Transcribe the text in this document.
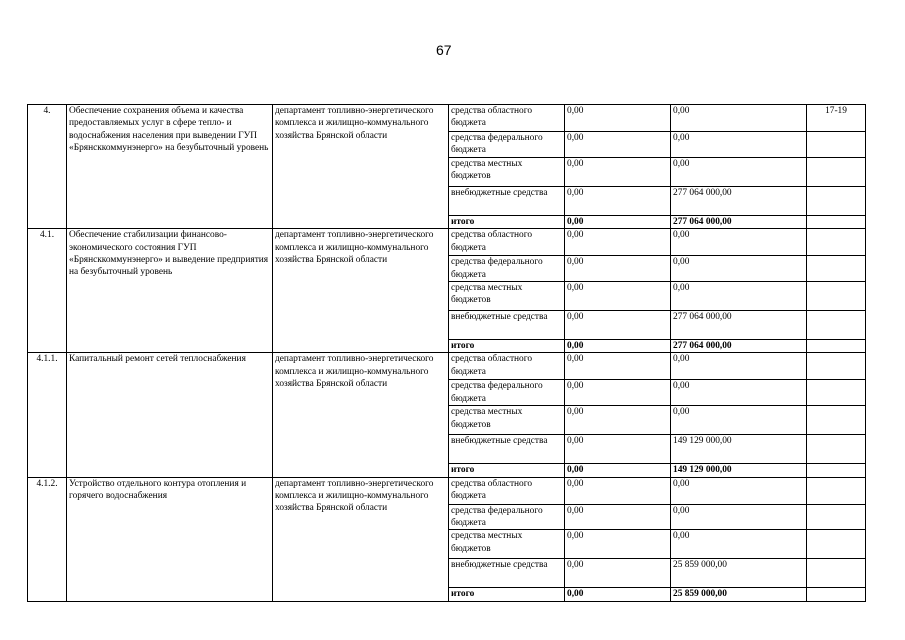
67
4.	Обеспечение сохранения объема и качества предоставляемых услуг в сфере тепло- и водоснабжения населения при выведении ГУП «Брянсккоммунэнерго» на безубыточный уровень	департамент топливно-энергетического комплекса и жилищно-коммунального хозяйства Брянской области	средства областного бюджета	0,00	0,00	17-19
			средства федерального бюджета	0,00	0,00	
			средства местных бюджетов	0,00	0,00	
			внебюджетные средства	0,00	277 064 000,00	
			итого	0,00	277 064 000,00	
4.1.	Обеспечение стабилизации финансово-экономического состояния ГУП «Брянсккоммунэнерго» и выведение предприятия на безубыточный уровень	департамент топливно-энергетического комплекса и жилищно-коммунального хозяйства Брянской области	средства областного бюджета	0,00	0,00	
			средства федерального бюджета	0,00	0,00	
			средства местных бюджетов	0,00	0,00	
			внебюджетные средства	0,00	277 064 000,00	
			итого	0,00	277 064 000,00	
4.1.1.	Капитальный ремонт сетей теплоснабжения	департамент топливно-энергетического комплекса и жилищно-коммунального хозяйства Брянской области	средства областного бюджета	0,00	0,00	
			средства федерального бюджета	0,00	0,00	
			средства местных бюджетов	0,00	0,00	
			внебюджетные средства	0,00	149 129 000,00	
			итого	0,00	149 129 000,00	
4.1.2.	Устройство отдельного контура отопления и горячего водоснабжения	департамент топливно-энергетического комплекса и жилищно-коммунального хозяйства Брянской области	средства областного бюджета	0,00	0,00	
			средства федерального бюджета	0,00	0,00	
			средства местных бюджетов	0,00	0,00	
			внебюджетные средства	0,00	25 859 000,00	
			итого	0,00	25 859 000,00	
